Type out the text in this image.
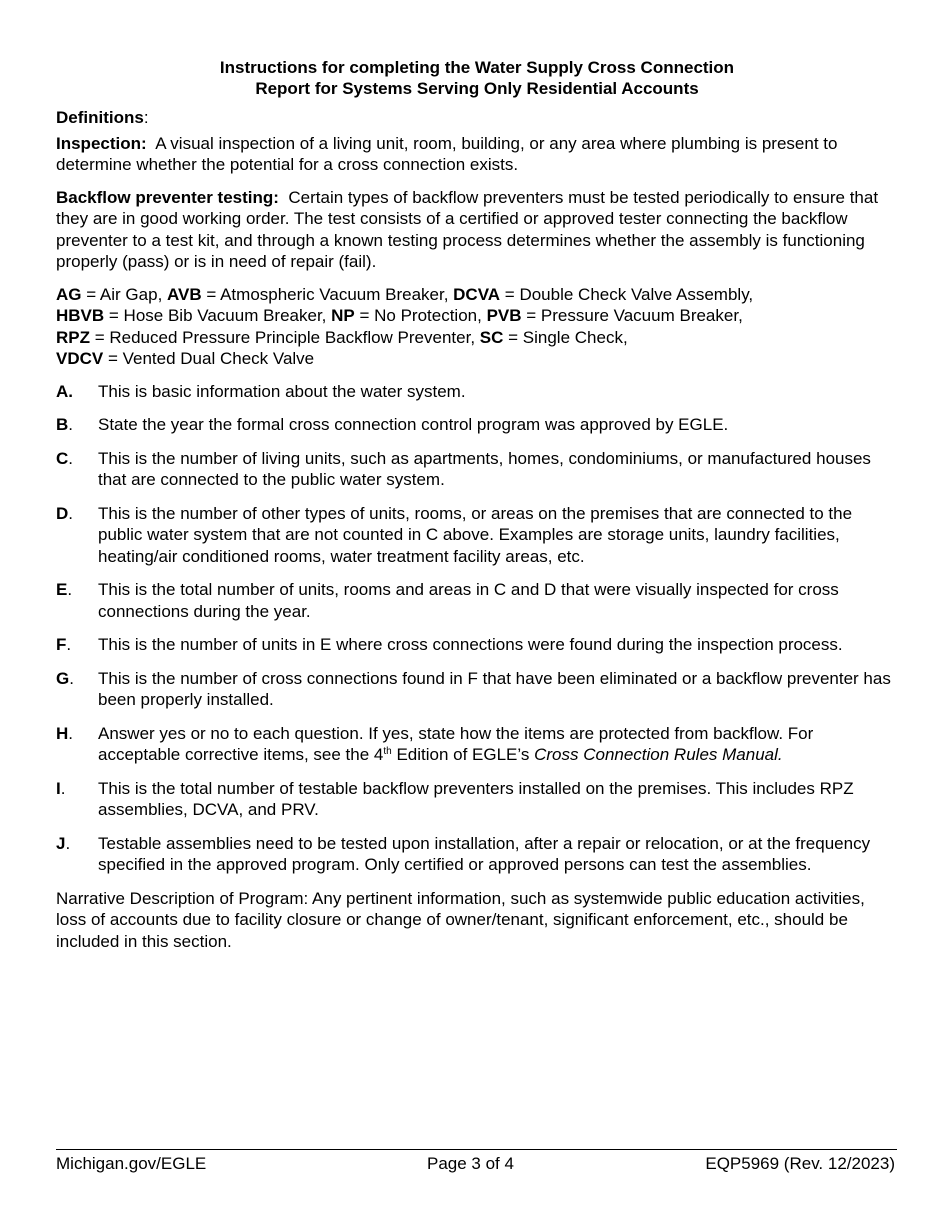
Instructions for completing the Water Supply Cross Connection
Report for Systems Serving Only Residential Accounts
Definitions:
Inspection: A visual inspection of a living unit, room, building, or any area where plumbing is present to determine whether the potential for a cross connection exists.
Backflow preventer testing: Certain types of backflow preventers must be tested periodically to ensure that they are in good working order. The test consists of a certified or approved tester connecting the backflow preventer to a test kit, and through a known testing process determines whether the assembly is functioning properly (pass) or is in need of repair (fail).
AG = Air Gap, AVB = Atmospheric Vacuum Breaker, DCVA = Double Check Valve Assembly,
HBVB = Hose Bib Vacuum Breaker, NP = No Protection, PVB = Pressure Vacuum Breaker,
RPZ = Reduced Pressure Principle Backflow Preventer, SC = Single Check,
VDCV = Vented Dual Check Valve
A.	This is basic information about the water system.
B.	State the year the formal cross connection control program was approved by EGLE.
C.	This is the number of living units, such as apartments, homes, condominiums, or manufactured houses that are connected to the public water system.
D.	This is the number of other types of units, rooms, or areas on the premises that are connected to the public water system that are not counted in C above. Examples are storage units, laundry facilities, heating/air conditioned rooms, water treatment facility areas, etc.
E.	This is the total number of units, rooms and areas in C and D that were visually inspected for cross connections during the year.
F.	This is the number of units in E where cross connections were found during the inspection process.
G.	This is the number of cross connections found in F that have been eliminated or a backflow preventer has been properly installed.
H.	Answer yes or no to each question. If yes, state how the items are protected from backflow. For acceptable corrective items, see the 4th Edition of EGLE’s Cross Connection Rules Manual.
I.	This is the total number of testable backflow preventers installed on the premises. This includes RPZ assemblies, DCVA, and PRV.
J.	Testable assemblies need to be tested upon installation, after a repair or relocation, or at the frequency specified in the approved program. Only certified or approved persons can test the assemblies.
Narrative Description of Program: Any pertinent information, such as systemwide public education activities, loss of accounts due to facility closure or change of owner/tenant, significant enforcement, etc., should be included in this section.
Michigan.gov/EGLE	Page 3 of 4	EQP5969 (Rev. 12/2023)
